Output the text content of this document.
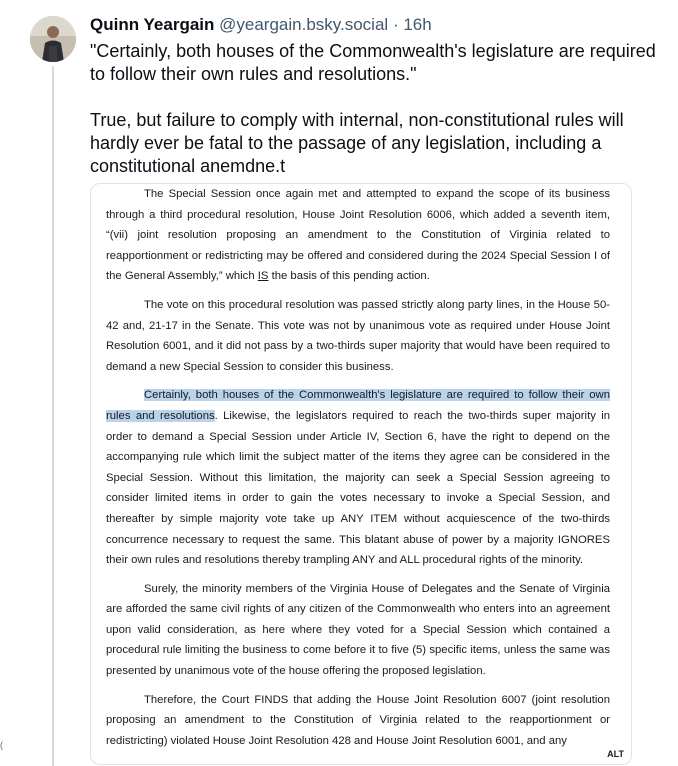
Quinn Yeargain @yeargain.bsky.social · 16h

"Certainly, both houses of the Commonwealth's legislature are required to follow their own rules and resolutions."

True, but failure to comply with internal, non-constitutional rules will hardly ever be fatal to the passage of any legislation, including a constitutional anemdne.t

The Special Session once again met and attempted to expand the scope of its business through a third procedural resolution, House Joint Resolution 6006, which added a seventh item, “(vii) joint resolution proposing an amendment to the Constitution of Virginia related to reapportionment or redistricting may be offered and considered during the 2024 Special Session I of the General Assembly,” which IS the basis of this pending action.

The vote on this procedural resolution was passed strictly along party lines, in the House 50-42 and, 21-17 in the Senate. This vote was not by unanimous vote as required under House Joint Resolution 6001, and it did not pass by a two-thirds super majority that would have been required to demand a new Special Session to consider this business.

Certainly, both houses of the Commonwealth's legislature are required to follow their own rules and resolutions. Likewise, the legislators required to reach the two-thirds super majority in order to demand a Special Session under Article IV, Section 6, have the right to depend on the accompanying rule which limit the subject matter of the items they agree can be considered in the Special Session. Without this limitation, the majority can seek a Special Session agreeing to consider limited items in order to gain the votes necessary to invoke a Special Session, and thereafter by simple majority vote take up ANY ITEM without acquiescence of the two-thirds concurrence necessary to request the same. This blatant abuse of power by a majority IGNORES their own rules and resolutions thereby trampling ANY and ALL procedural rights of the minority.

Surely, the minority members of the Virginia House of Delegates and the Senate of Virginia are afforded the same civil rights of any citizen of the Commonwealth who enters into an agreement upon valid consideration, as here where they voted for a Special Session which contained a procedural rule limiting the business to come before it to five (5) specific items, unless the same was presented by unanimous vote of the house offering the proposed legislation.

Therefore, the Court FINDS that adding the House Joint Resolution 6007 (joint resolution proposing an amendment to the Constitution of Virginia related to the reapportionment or redistricting) violated House Joint Resolution 428 and House Joint Resolution 6001, and any

ALT
(
